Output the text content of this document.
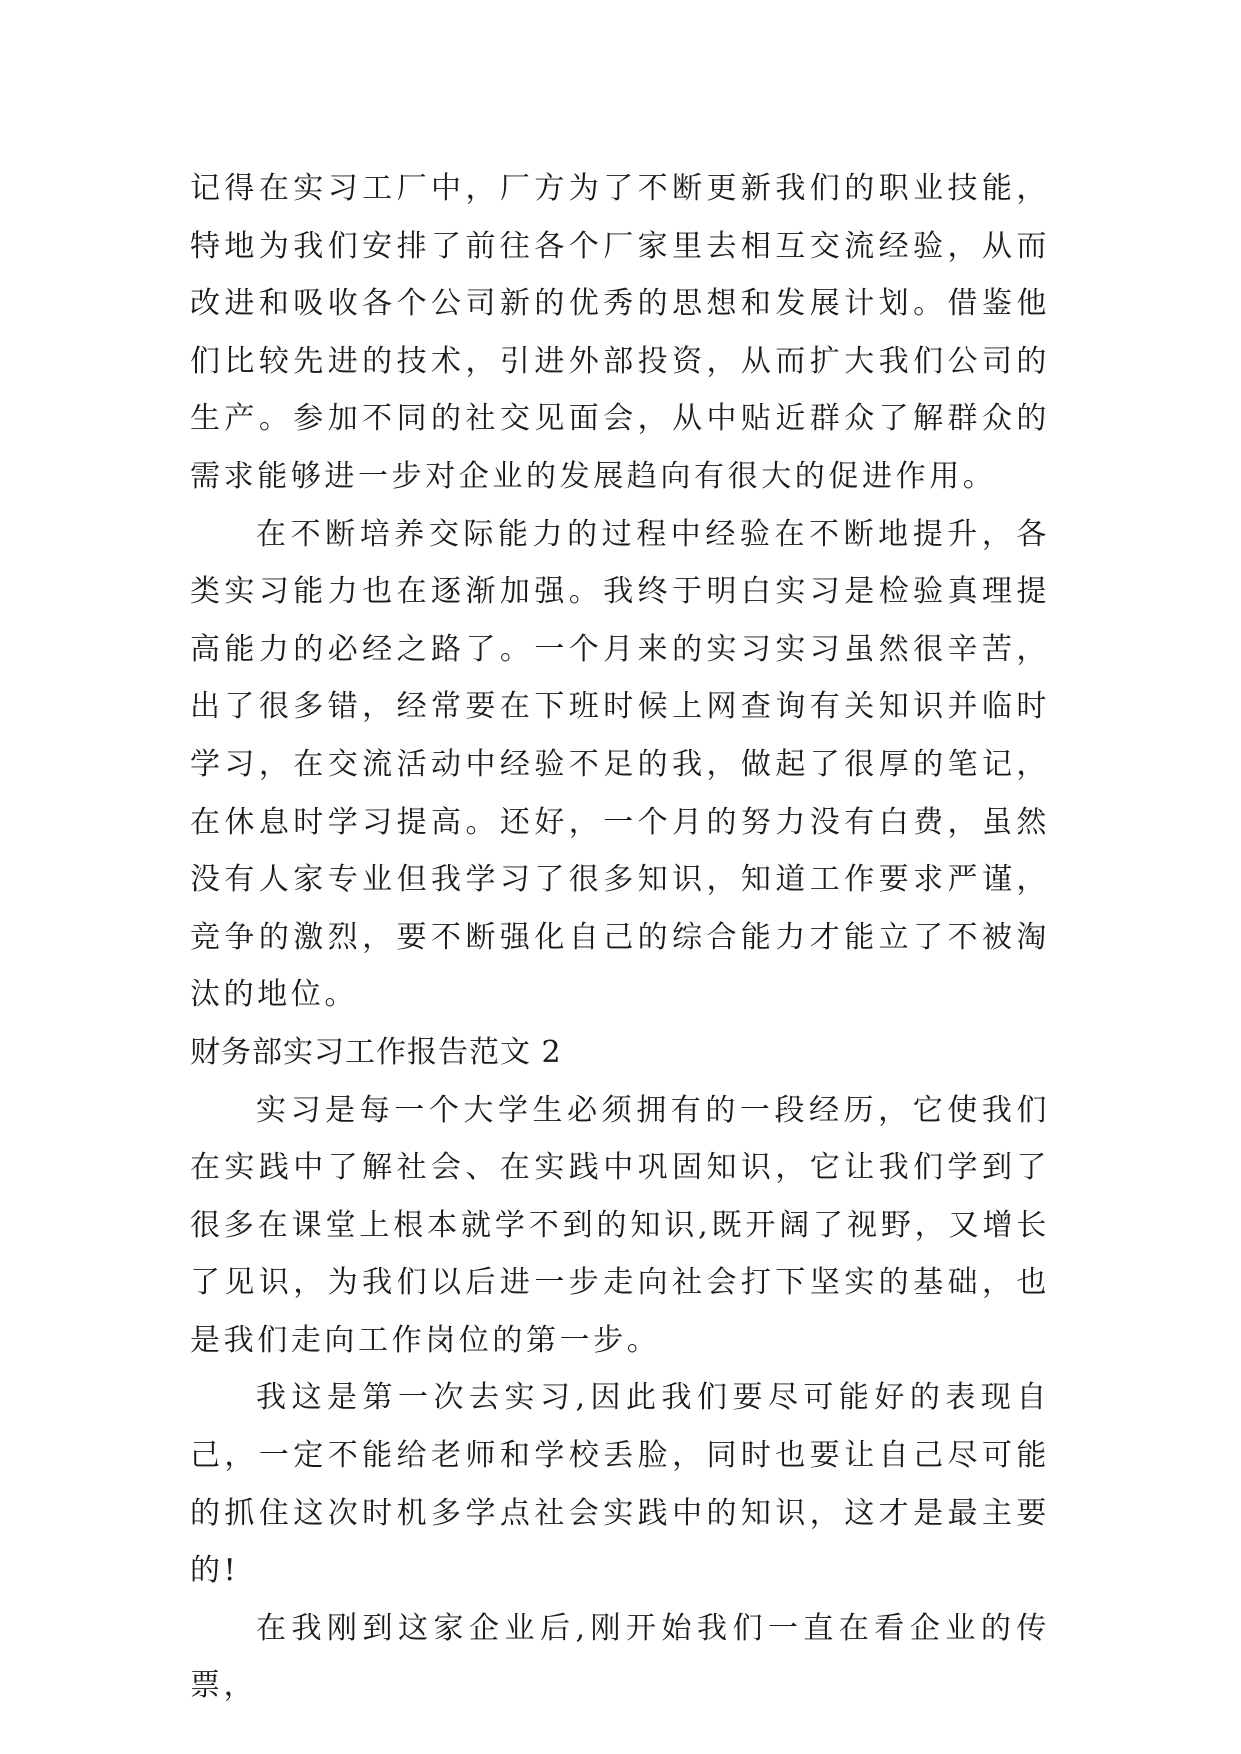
记得在实习工厂中，厂方为了不断更新我们的职业技能，特地为我们安排了前往各个厂家里去相互交流经验，从而改进和吸收各个公司新的优秀的思想和发展计划。借鉴他们比较先进的技术，引进外部投资，从而扩大我们公司的生产。参加不同的社交见面会，从中贴近群众了解群众的需求能够进一步对企业的发展趋向有很大的促进作用。

在不断培养交际能力的过程中经验在不断地提升，各类实习能力也在逐渐加强。我终于明白实习是检验真理提高能力的必经之路了。一个月来的实习实习虽然很辛苦，出了很多错，经常要在下班时候上网查询有关知识并临时学习，在交流活动中经验不足的我，做起了很厚的笔记，在休息时学习提高。还好，一个月的努力没有白费，虽然没有人家专业但我学习了很多知识，知道工作要求严谨，竞争的激烈，要不断强化自己的综合能力才能立了不被淘汰的地位。

财务部实习工作报告范文 2

实习是每一个大学生必须拥有的一段经历，它使我们在实践中了解社会、在实践中巩固知识，它让我们学到了很多在课堂上根本就学不到的知识,既开阔了视野，又增长了见识，为我们以后进一步走向社会打下坚实的基础，也是我们走向工作岗位的第一步。

我这是第一次去实习,因此我们要尽可能好的表现自己，一定不能给老师和学校丢脸，同时也要让自己尽可能的抓住这次时机多学点社会实践中的知识，这才是最主要的!

在我刚到这家企业后,刚开始我们一直在看企业的传票，
